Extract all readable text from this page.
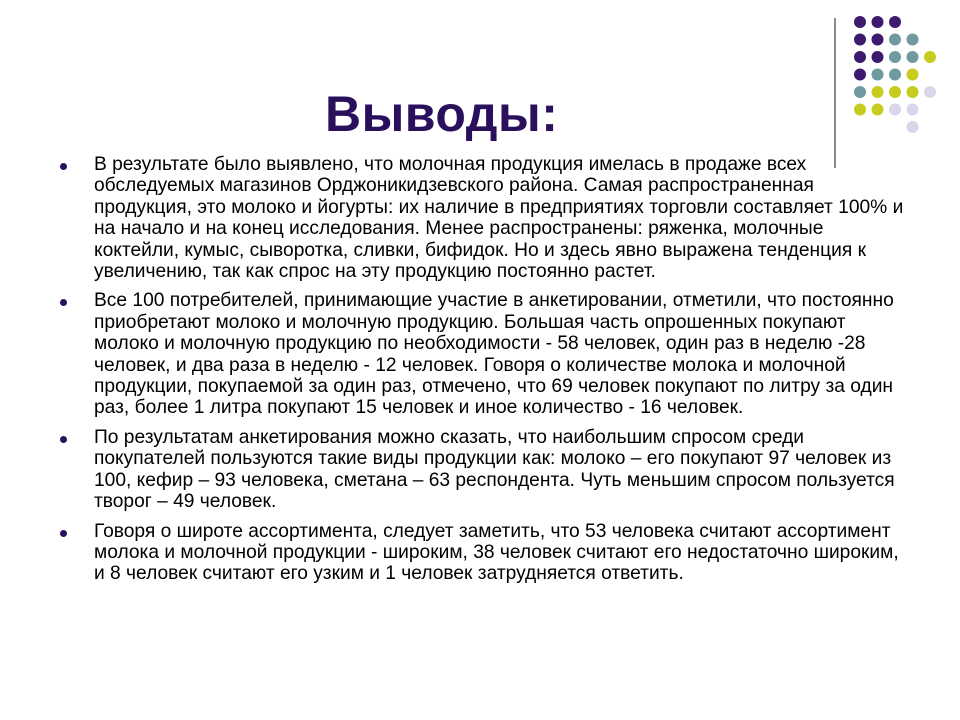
Выводы:
В результате было выявлено, что молочная продукция имелась в продаже всех обследуемых магазинов Орджоникидзевского района. Самая распространенная продукция, это молоко и йогурты: их наличие в предприятиях торговли составляет 100% и на начало и на конец исследования. Менее распространены: ряженка, молочные коктейли, кумыс, сыворотка, сливки, бифидок. Но и здесь явно выражена тенденция к увеличению, так как спрос на эту продукцию постоянно растет.
Все 100 потребителей, принимающие участие в анкетировании, отметили, что постоянно приобретают молоко и молочную продукцию. Большая часть опрошенных покупают молоко и молочную продукцию по необходимости - 58 человек, один раз в неделю -28 человек, и два раза в неделю - 12 человек. Говоря о количестве молока и молочной продукции, покупаемой за один раз, отмечено, что 69 человек покупают по литру за один раз, более 1 литра покупают 15 человек и иное количество - 16 человек.
По результатам анкетирования можно сказать, что наибольшим спросом среди покупателей пользуются такие виды продукции как: молоко – его покупают 97 человек из 100, кефир – 93 человека, сметана – 63 респондента. Чуть меньшим спросом пользуется творог – 49 человек.
Говоря о широте ассортимента, следует заметить, что 53 человека считают ассортимент молока и молочной продукции - широким, 38 человек считают его недостаточно широким, и 8 человек считают его узким и 1 человек затрудняется ответить.
